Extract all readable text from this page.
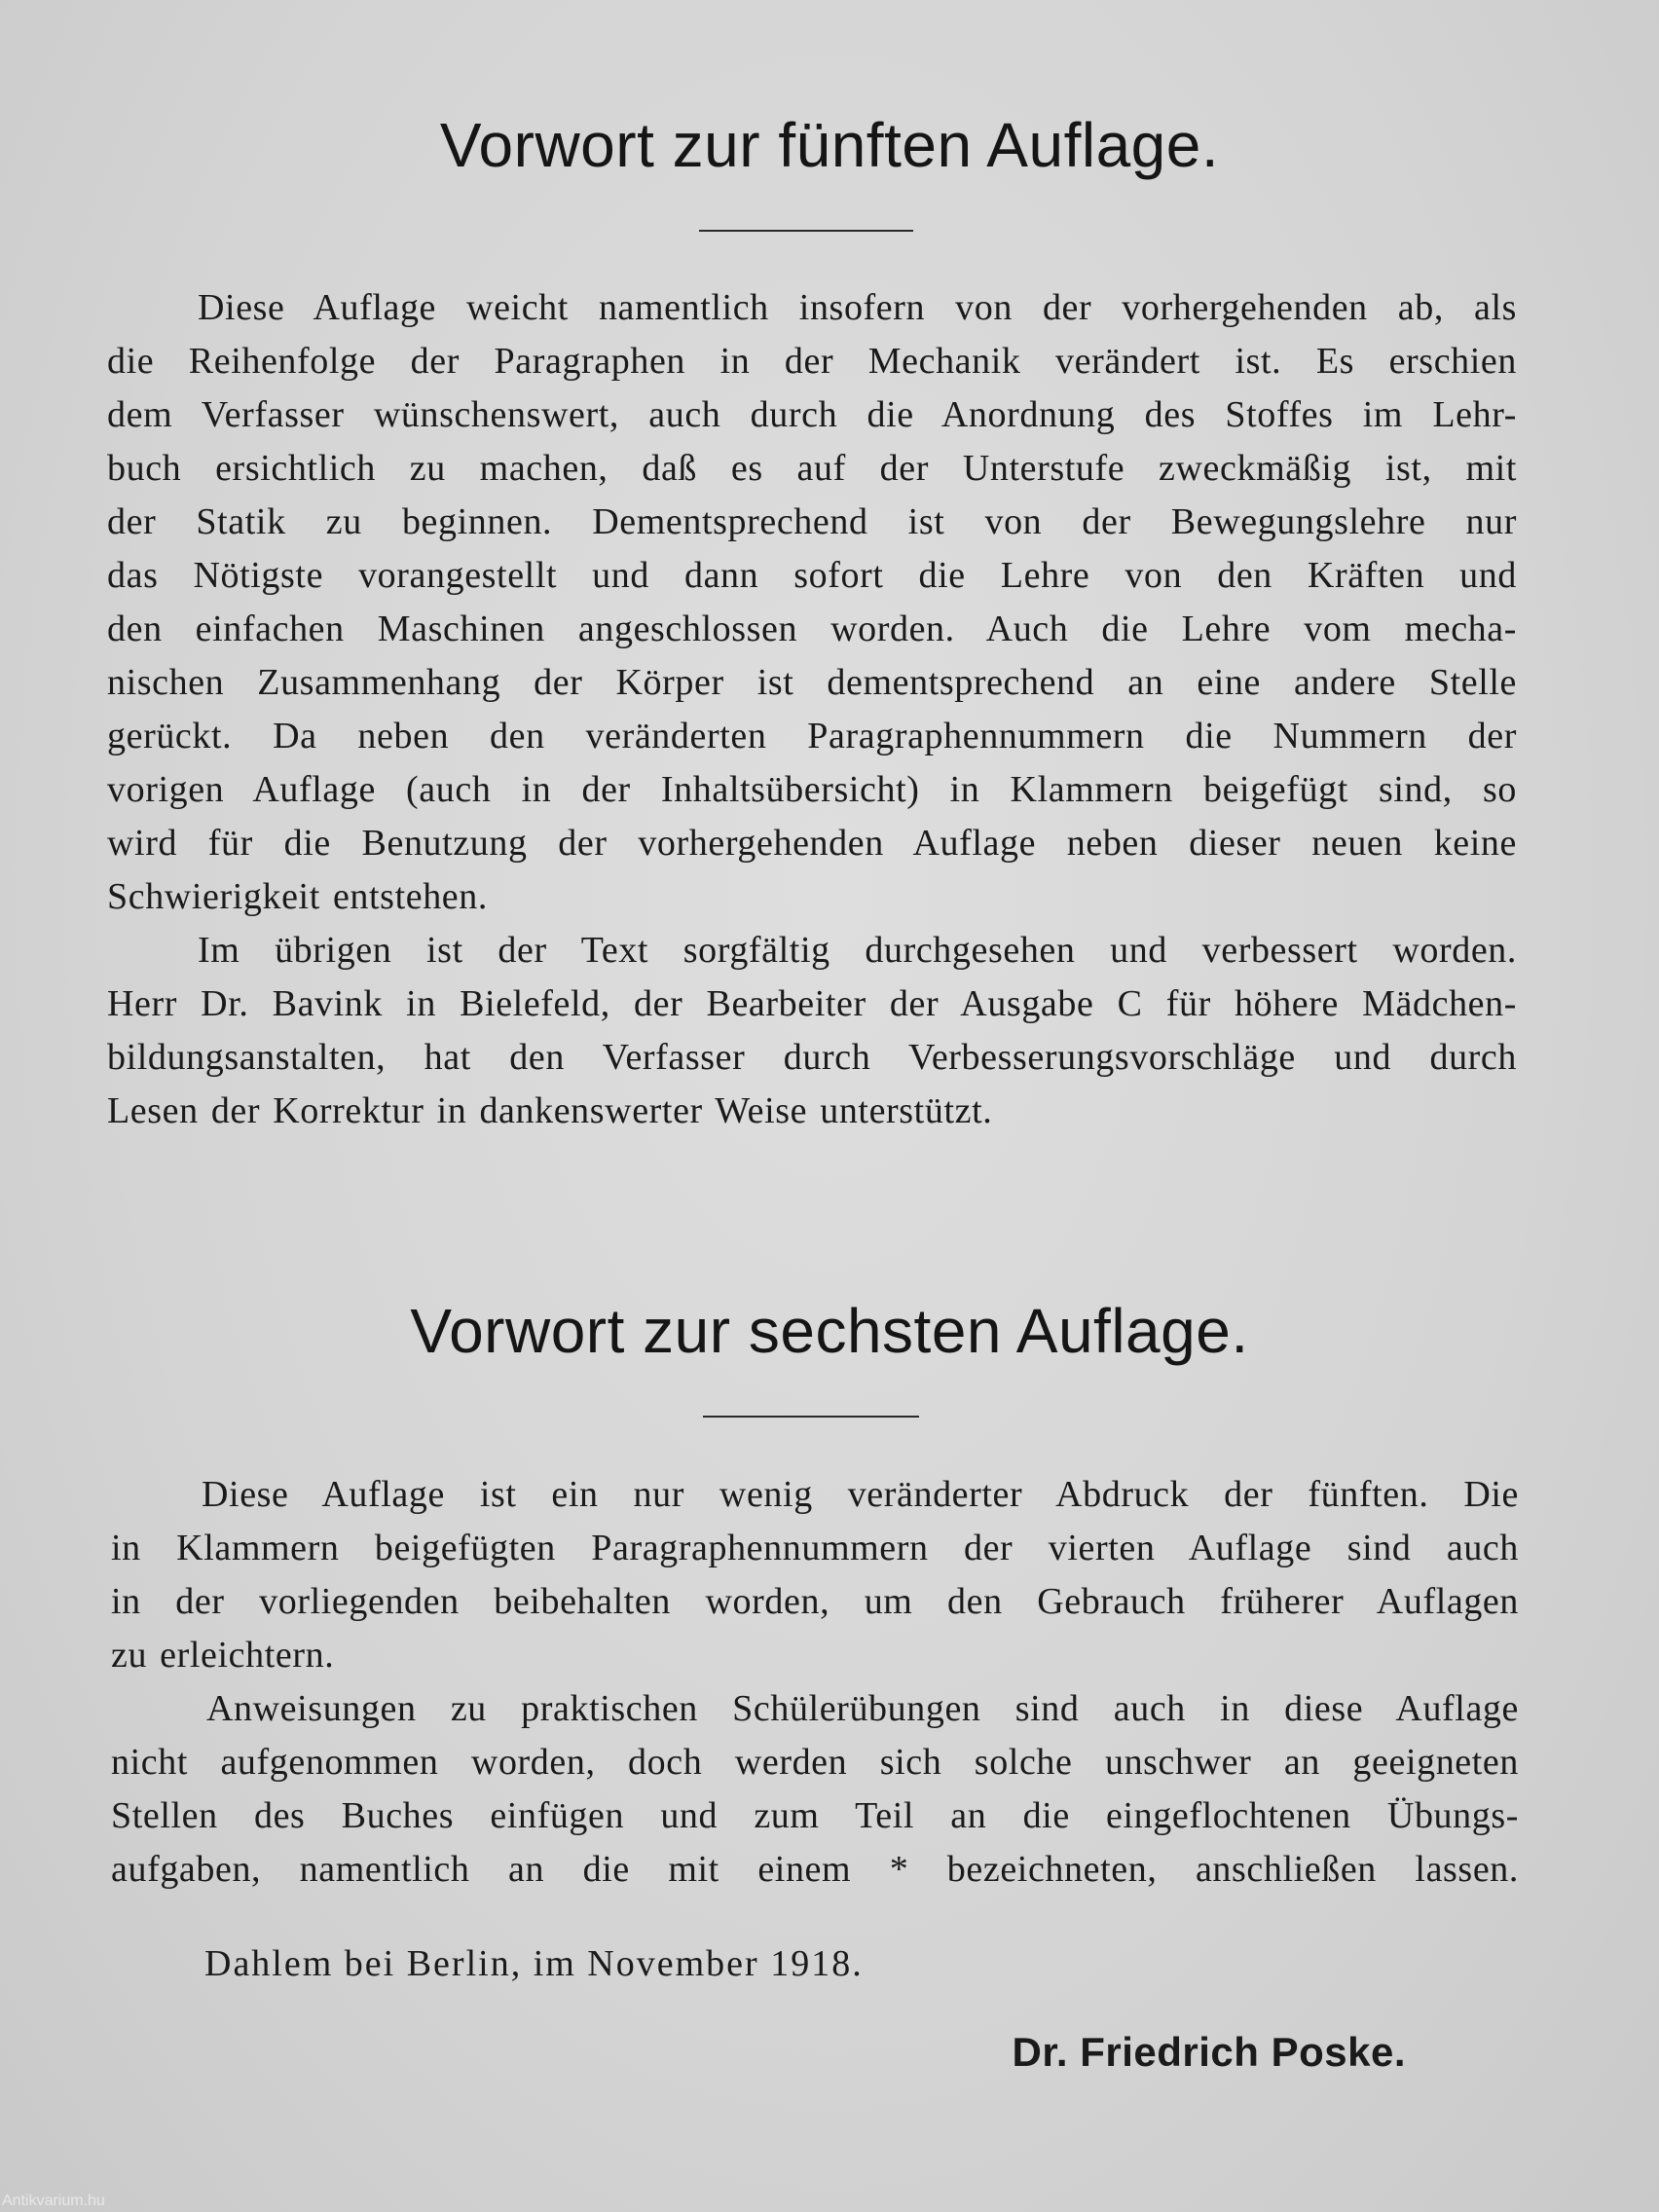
Vorwort zur fünften Auflage.
Diese Auflage weicht namentlich insofern von der vorhergehenden ab, als
die Reihenfolge der Paragraphen in der Mechanik verändert ist. Es erschien
dem Verfasser wünschenswert, auch durch die Anordnung des Stoffes im Lehr-
buch ersichtlich zu machen, daß es auf der Unterstufe zweckmäßig ist, mit
der Statik zu beginnen. Dementsprechend ist von der Bewegungslehre nur
das Nötigste vorangestellt und dann sofort die Lehre von den Kräften und
den einfachen Maschinen angeschlossen worden. Auch die Lehre vom mecha-
nischen Zusammenhang der Körper ist dementsprechend an eine andere Stelle
gerückt. Da neben den veränderten Paragraphennummern die Nummern der
vorigen Auflage (auch in der Inhaltsübersicht) in Klammern beigefügt sind, so
wird für die Benutzung der vorhergehenden Auflage neben dieser neuen keine
Schwierigkeit entstehen.
Im übrigen ist der Text sorgfältig durchgesehen und verbessert worden.
Herr Dr. Bavink in Bielefeld, der Bearbeiter der Ausgabe C für höhere Mädchen-
bildungsanstalten, hat den Verfasser durch Verbesserungsvorschläge und durch
Lesen der Korrektur in dankenswerter Weise unterstützt.
Vorwort zur sechsten Auflage.
Diese Auflage ist ein nur wenig veränderter Abdruck der fünften. Die
in Klammern beigefügten Paragraphennummern der vierten Auflage sind auch
in der vorliegenden beibehalten worden, um den Gebrauch früherer Auflagen
zu erleichtern.
Anweisungen zu praktischen Schülerübungen sind auch in diese Auflage
nicht aufgenommen worden, doch werden sich solche unschwer an geeigneten
Stellen des Buches einfügen und zum Teil an die eingeflochtenen Übungs-
aufgaben, namentlich an die mit einem * bezeichneten, anschließen lassen.
Dahlem bei Berlin, im November 1918.
Dr. Friedrich Poske.
Antikvarium.hu
